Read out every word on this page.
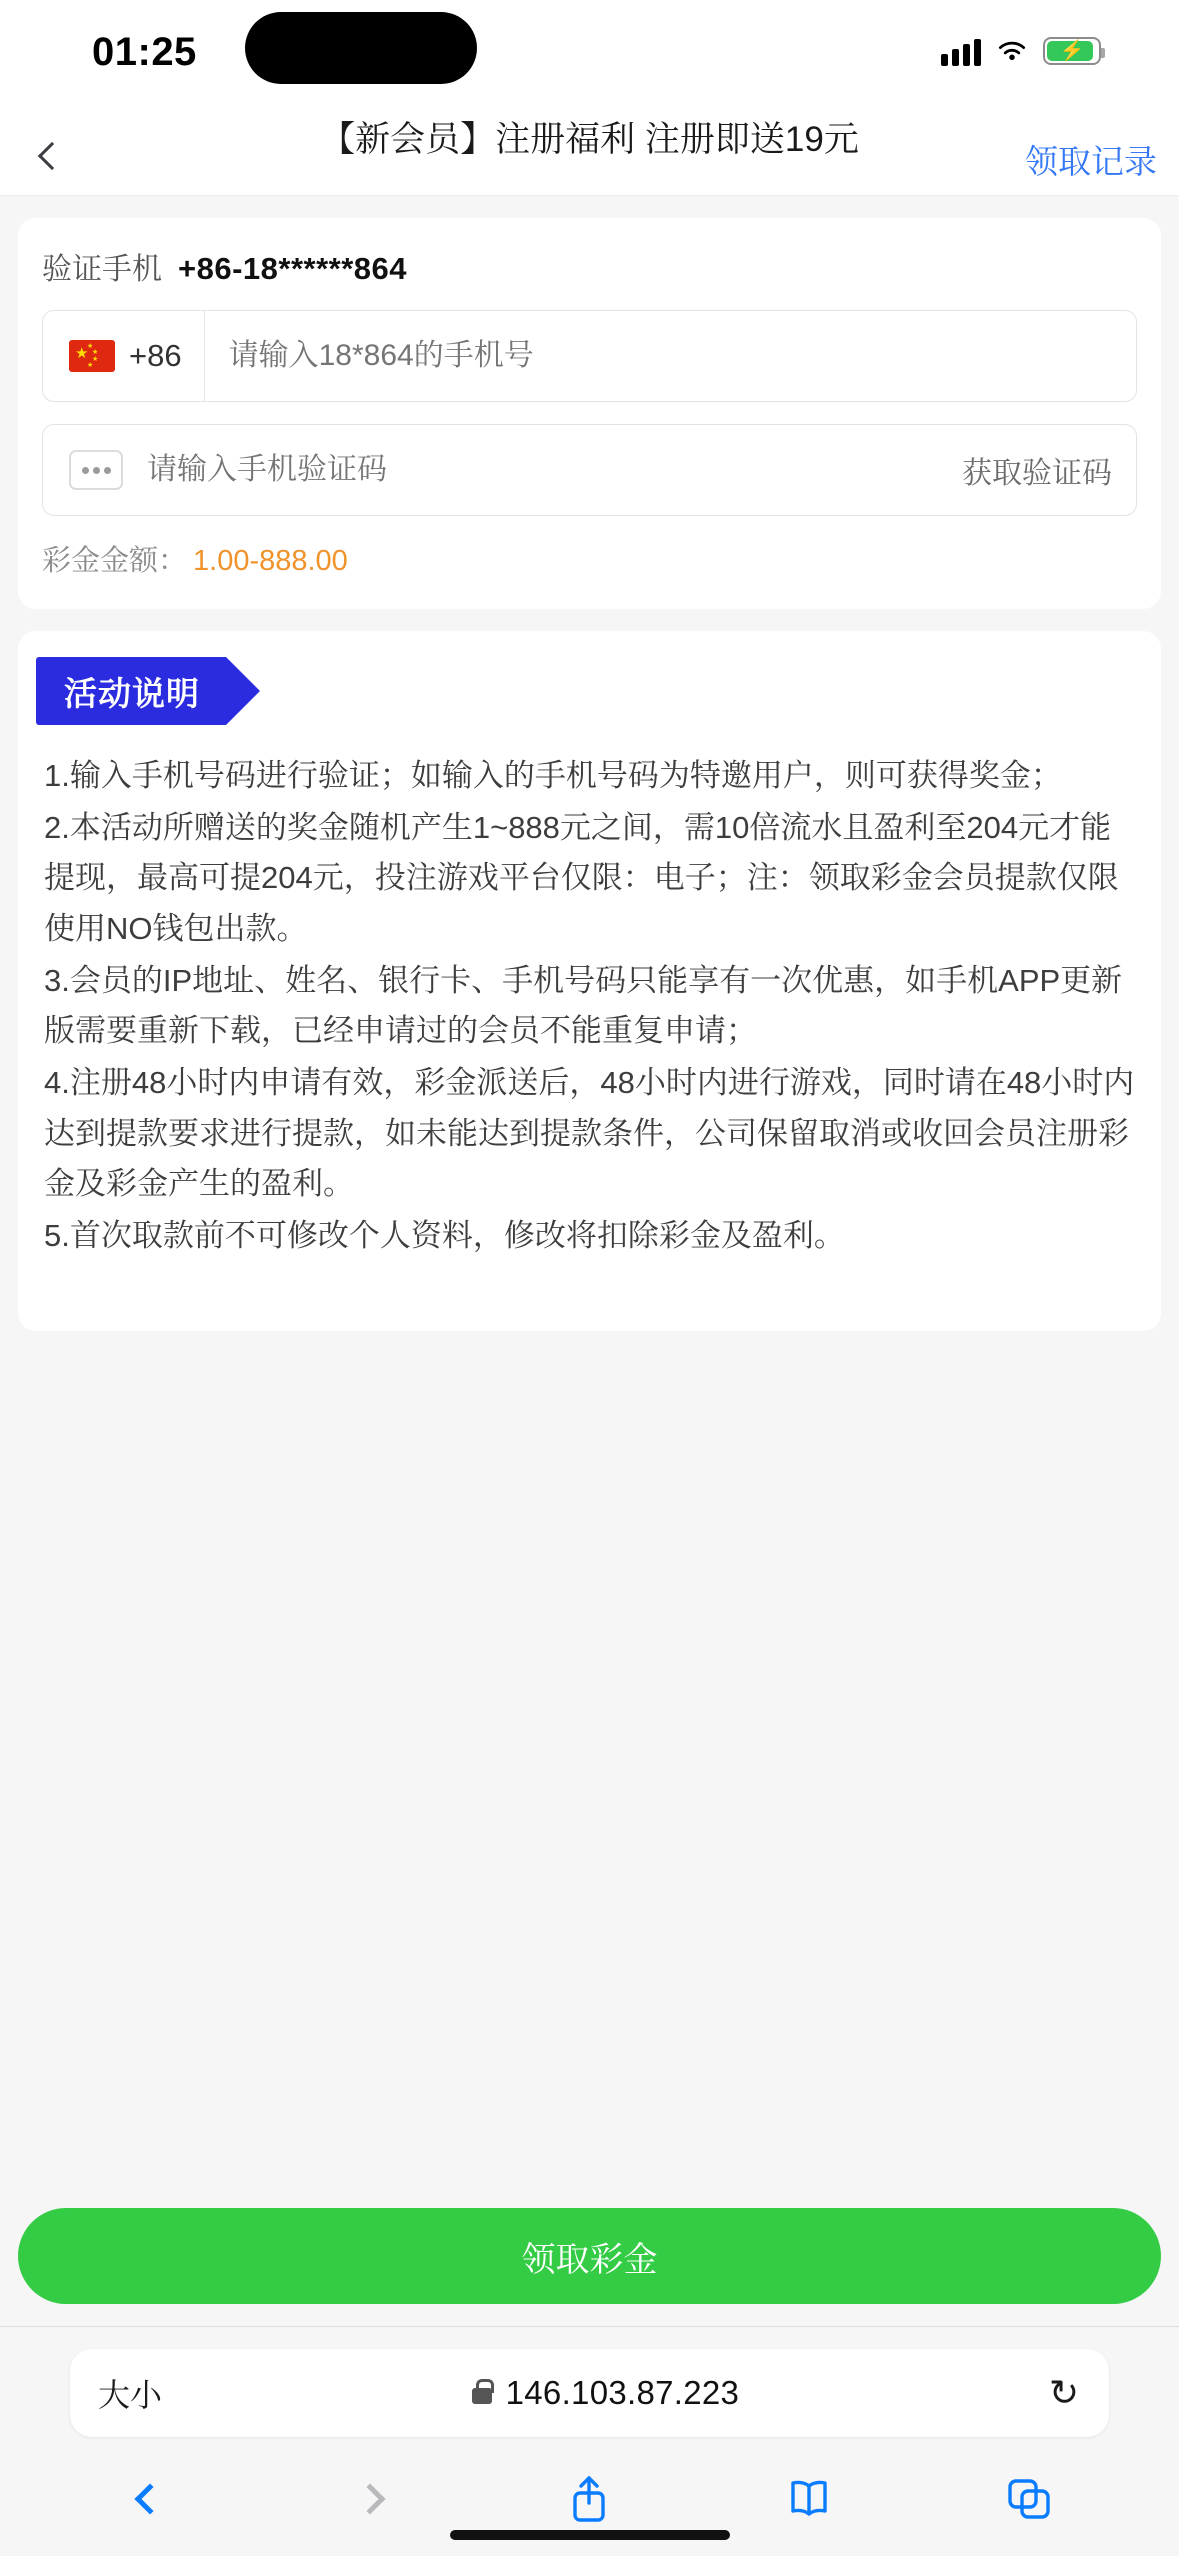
01:25	⚡
【新会员】注册福利 注册即送19元
领取记录
验证手机 +86-18******864
★
★
★
★
★ +86
请输入18*864的手机号
请输入手机验证码
获取验证码
彩金金额： 1.00-888.00
活动说明

1.输入手机号码进行验证；如输入的手机号码为特邀用户，则可获得奖金；

2.本活动所赠送的奖金随机产生1~888元之间，需10倍流水且盈利至204元才能提现，最高可提204元，投注游戏平台仅限：电子；注：领取彩金会员提款仅限使用NO钱包出款。

3.会员的IP地址、姓名、银行卡、手机号码只能享有一次优惠，如手机APP更新版需要重新下载，已经申请过的会员不能重复申请；

4.注册48小时内申请有效，彩金派送后，48小时内进行游戏，同时请在48小时内达到提款要求进行提款，如未能达到提款条件，公司保留取消或收回会员注册彩金及彩金产生的盈利。

5.首次取款前不可修改个人资料，修改将扣除彩金及盈利。

领取彩金
大小	146.103.87.223	↻
